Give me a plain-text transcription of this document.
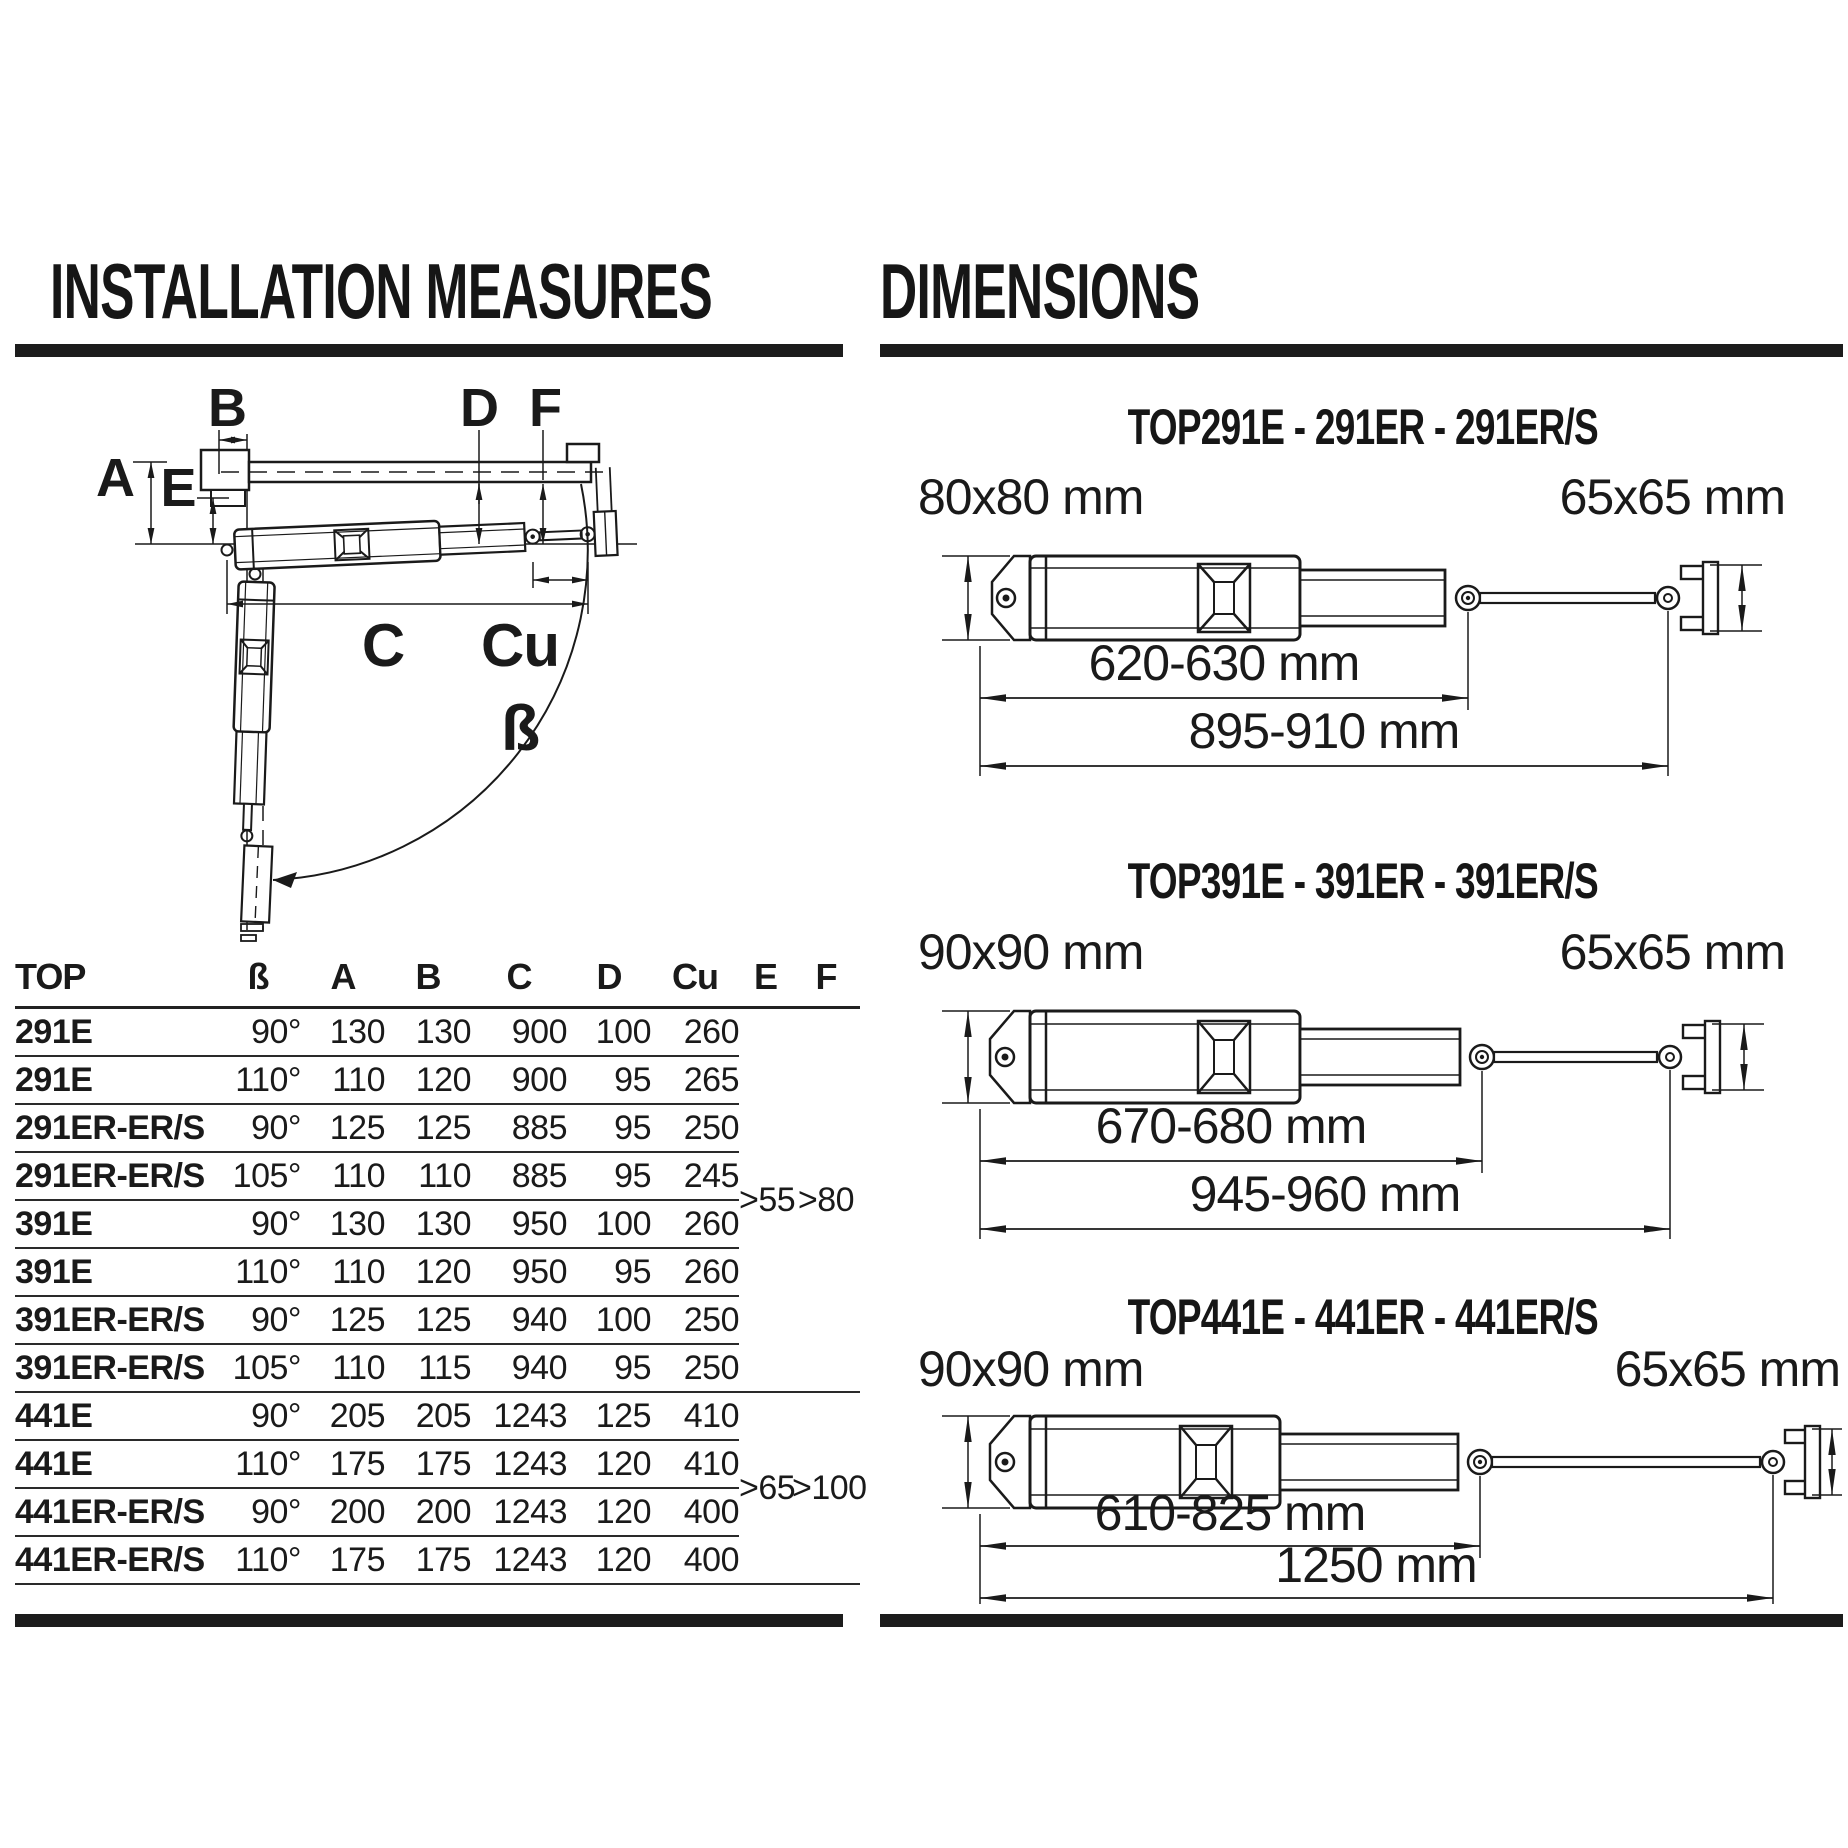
INSTALLATION MEASURES
B	D F
A E
C Cu
ß
TOP	ß	A	B	C	D	Cu	E	F
291E	90°	130	130	900	100	260	>55	>80
291E	110°	110	120	900	95	265		
291ER-ER/S	90°	125	125	885	95	250		
291ER-ER/S	105°	110	110	885	95	245		
391E	90°	130	130	950	100	260		
391E	110°	110	120	950	95	260		
391ER-ER/S	90°	125	125	940	100	250		
391ER-ER/S	105°	110	115	940	95	250		
441E	90°	205	205	1243	125	410	>65	>100
441E	110°	175	175	1243	120	410		
441ER-ER/S	90°	200	200	1243	120	400		
441ER-ER/S	110°	175	175	1243	120	400		
DIMENSIONS
TOP291E - 291ER - 291ER/S
80x80 mm	65x65 mm
620-630 mm
895-910 mm
TOP391E - 391ER - 391ER/S
90x90 mm	65x65 mm
670-680 mm
945-960 mm
TOP441E - 441ER - 441ER/S
90x90 mm	65x65 mm
610-825 mm
1250 mm
